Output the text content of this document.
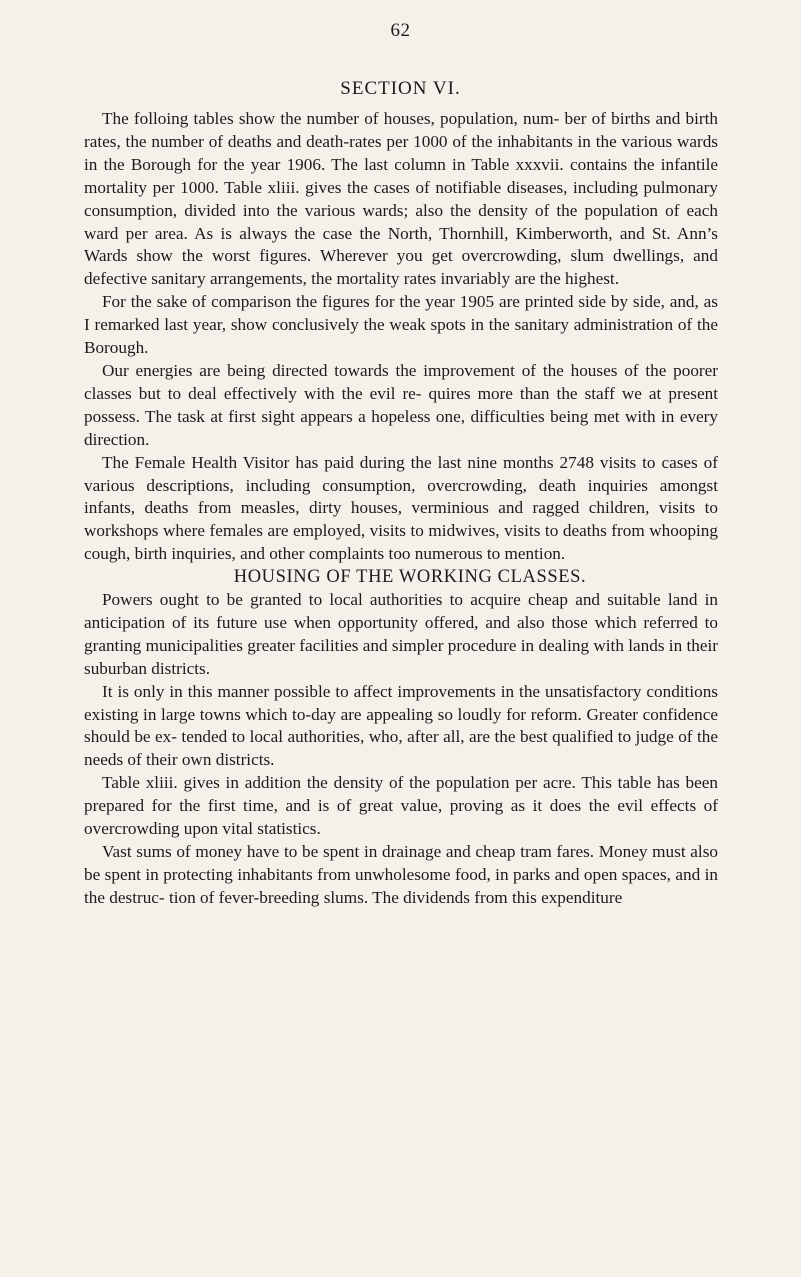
62
SECTION VI.

The folloing tables show the number of houses, population, num- ber of births and birth rates, the number of deaths and death-rates per 1000 of the inhabitants in the various wards in the Borough for the year 1906. The last column in Table xxxvii. contains the infantile mortality per 1000. Table xliii. gives the cases of notifiable diseases, including pulmonary consumption, divided into the various wards; also the density of the population of each ward per area. As is always the case the North, Thornhill, Kimberworth, and St. Ann’s Wards show the worst figures. Wherever you get overcrowding, slum dwellings, and defective sanitary arrangements, the mortality rates invariably are the highest.

For the sake of comparison the figures for the year 1905 are printed side by side, and, as I remarked last year, show conclusively the weak spots in the sanitary administration of the Borough.

Our energies are being directed towards the improvement of the houses of the poorer classes but to deal effectively with the evil re- quires more than the staff we at present possess. The task at first sight appears a hopeless one, difficulties being met with in every direction.

The Female Health Visitor has paid during the last nine months 2748 visits to cases of various descriptions, including consumption, overcrowding, death inquiries amongst infants, deaths from measles, dirty houses, verminious and ragged children, visits to workshops where females are employed, visits to midwives, visits to deaths from whooping cough, birth inquiries, and other complaints too numerous to mention.

HOUSING OF THE WORKING CLASSES.

Powers ought to be granted to local authorities to acquire cheap and suitable land in anticipation of its future use when opportunity offered, and also those which referred to granting municipalities greater facilities and simpler procedure in dealing with lands in their suburban districts.

It is only in this manner possible to affect improvements in the unsatisfactory conditions existing in large towns which to-day are appealing so loudly for reform. Greater confidence should be ex- tended to local authorities, who, after all, are the best qualified to judge of the needs of their own districts.

Table xliii. gives in addition the density of the population per acre. This table has been prepared for the first time, and is of great value, proving as it does the evil effects of overcrowding upon vital statistics.

Vast sums of money have to be spent in drainage and cheap tram fares. Money must also be spent in protecting inhabitants from unwholesome food, in parks and open spaces, and in the destruc- tion of fever-breeding slums. The dividends from this expenditure
